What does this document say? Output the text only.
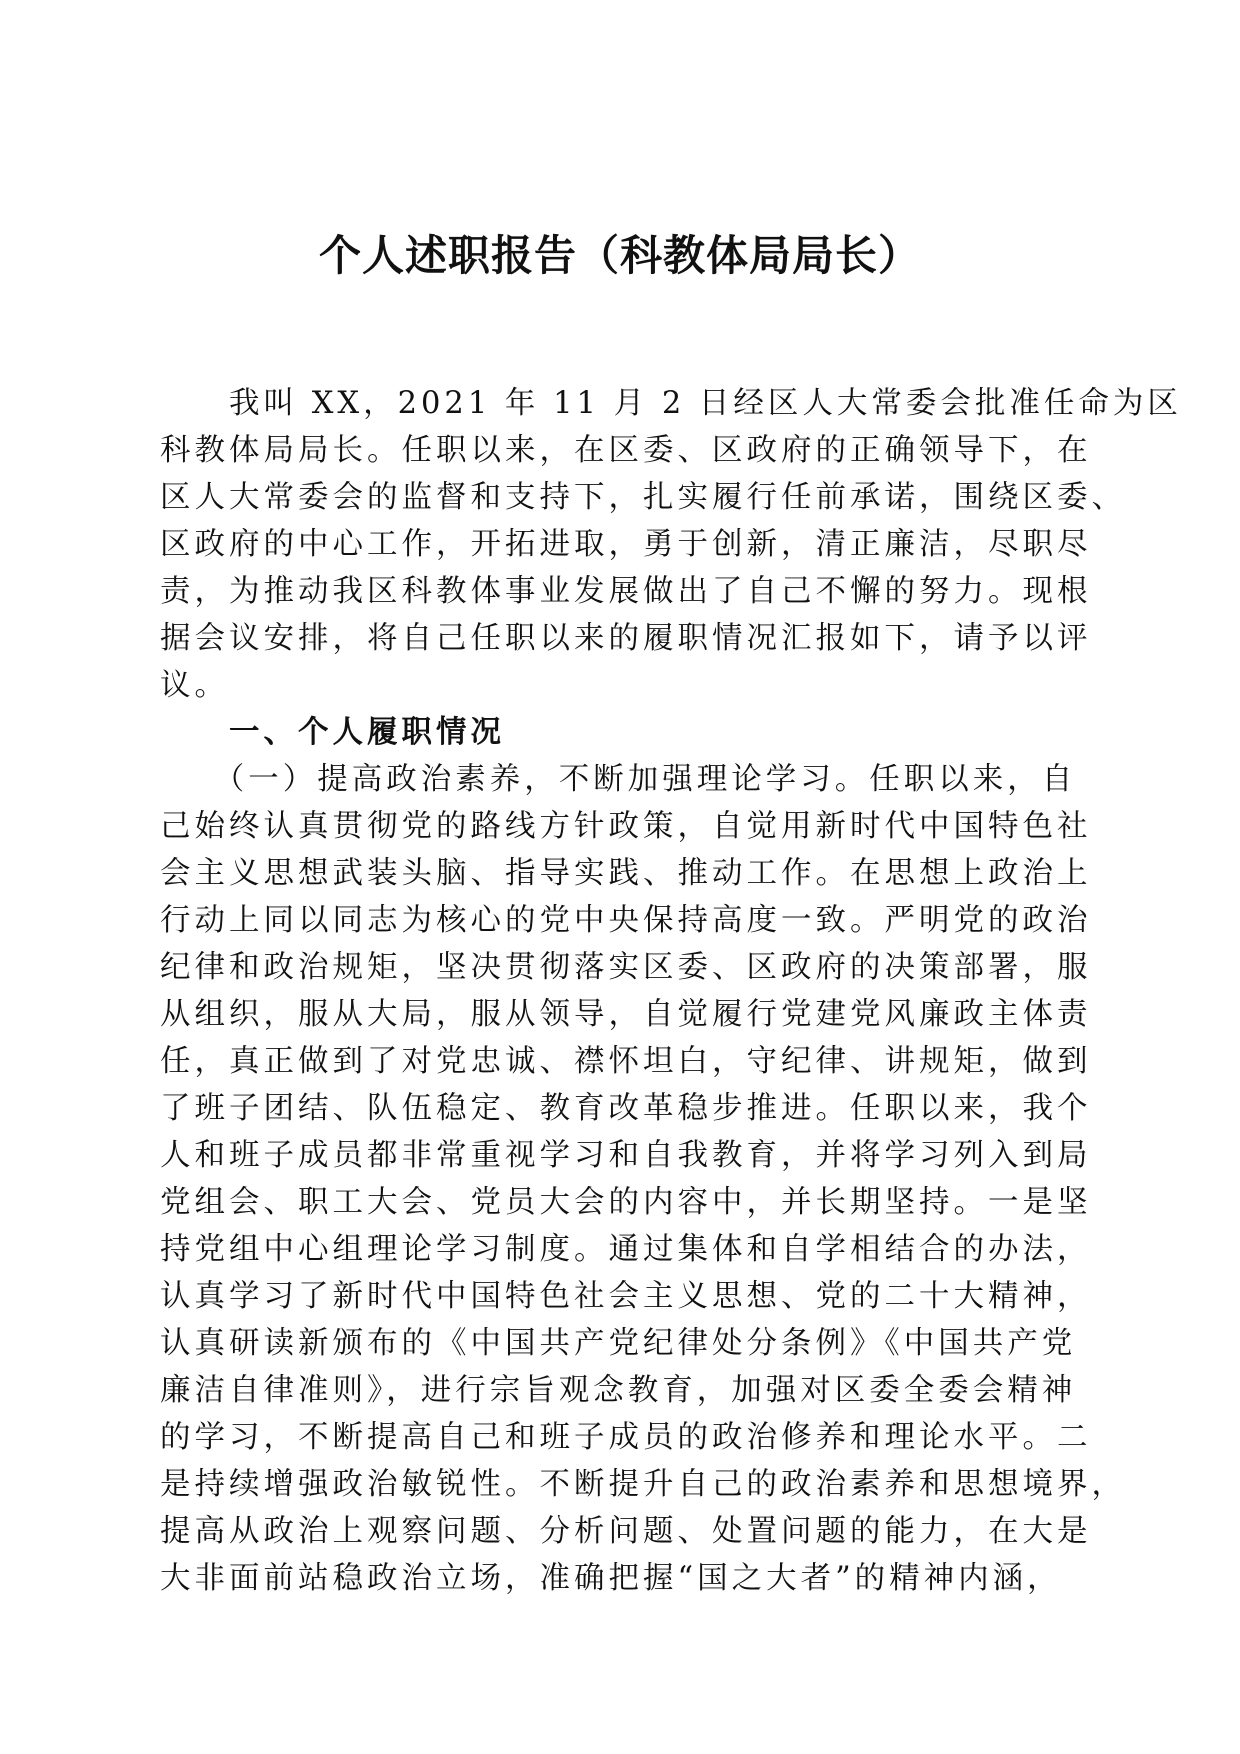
个人述职报告（科教体局局长）
　　我叫 XX，2021 年 11 月 2 日经区人大常委会批准任命为区
科教体局局长。任职以来，在区委、区政府的正确领导下，在
区人大常委会的监督和支持下，扎实履行任前承诺，围绕区委、
区政府的中心工作，开拓进取，勇于创新，清正廉洁，尽职尽
责，为推动我区科教体事业发展做出了自己不懈的努力。现根
据会议安排，将自己任职以来的履职情况汇报如下，请予以评
议。
　　一、个人履职情况
　　（一）提高政治素养，不断加强理论学习。任职以来，自
己始终认真贯彻党的路线方针政策，自觉用新时代中国特色社
会主义思想武装头脑、指导实践、推动工作。在思想上政治上
行动上同以同志为核心的党中央保持高度一致。严明党的政治
纪律和政治规矩，坚决贯彻落实区委、区政府的决策部署，服
从组织，服从大局，服从领导，自觉履行党建党风廉政主体责
任，真正做到了对党忠诚、襟怀坦白，守纪律、讲规矩，做到
了班子团结、队伍稳定、教育改革稳步推进。任职以来，我个
人和班子成员都非常重视学习和自我教育，并将学习列入到局
党组会、职工大会、党员大会的内容中，并长期坚持。一是坚
持党组中心组理论学习制度。通过集体和自学相结合的办法，
认真学习了新时代中国特色社会主义思想、党的二十大精神，
认真研读新颁布的《中国共产党纪律处分条例》《中国共产党
廉洁自律准则》，进行宗旨观念教育，加强对区委全委会精神
的学习，不断提高自己和班子成员的政治修养和理论水平。二
是持续增强政治敏锐性。不断提升自己的政治素养和思想境界，
提高从政治上观察问题、分析问题、处置问题的能力，在大是
大非面前站稳政治立场，准确把握“国之大者”的精神内涵，
